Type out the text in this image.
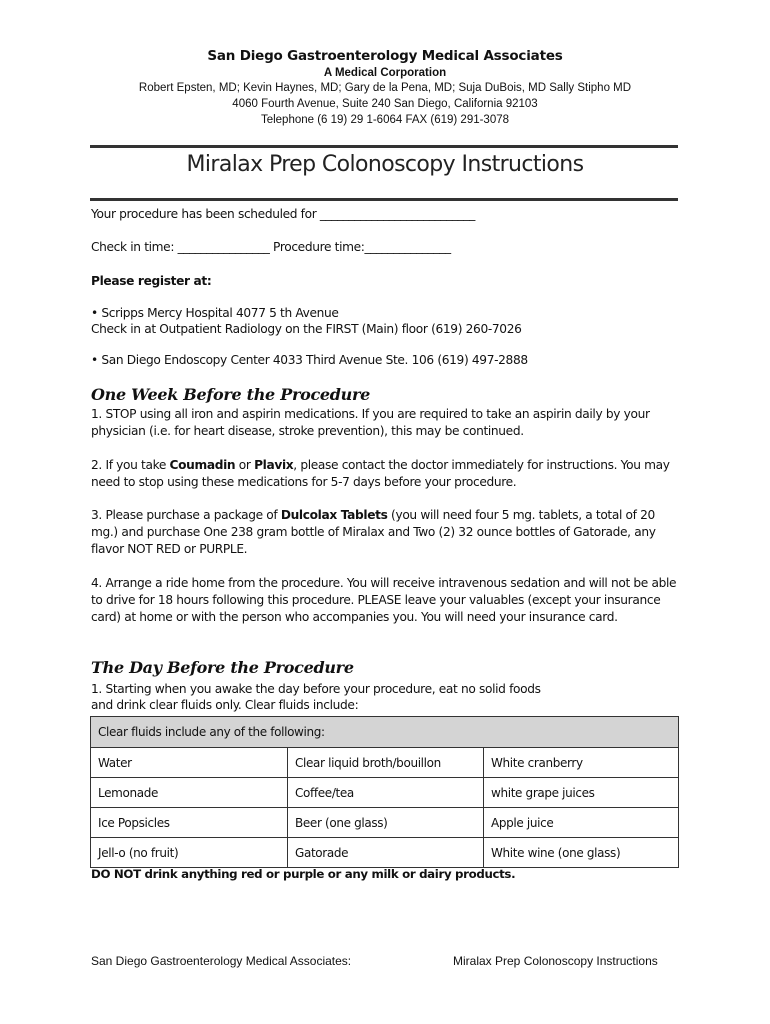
San Diego Gastroenterology Medical Associates
A Medical Corporation
Robert Epsten, MD; Kevin Haynes, MD; Gary de la Pena, MD; Suja DuBois, MD Sally Stipho MD
4060 Fourth Avenue, Suite 240 San Diego, California 92103
Telephone (6 19) 29 1-6064 FAX (619) 291-3078
Miralax Prep Colonoscopy Instructions
Your procedure has been scheduled for ___________________________
Check in time: ________________ Procedure time:_______________
Please register at:
• Scripps Mercy Hospital 4077 5 th Avenue
Check in at Outpatient Radiology on the FIRST (Main) floor (619) 260-7026
• San Diego Endoscopy Center 4033 Third Avenue Ste. 106 (619) 497-2888
One Week Before the Procedure
1. STOP using all iron and aspirin medications. If you are required to take an aspirin daily by your physician (i.e. for heart disease, stroke prevention), this may be continued.
2. If you take Coumadin or Plavix, please contact the doctor immediately for instructions. You may need to stop using these medications for 5-7 days before your procedure.
3. Please purchase a package of Dulcolax Tablets (you will need four 5 mg. tablets, a total of 20 mg.) and purchase One 238 gram bottle of Miralax and Two (2) 32 ounce bottles of Gatorade, any flavor NOT RED or PURPLE.
4. Arrange a ride home from the procedure. You will receive intravenous sedation and will not be able to drive for 18 hours following this procedure. PLEASE leave your valuables (except your insurance card) at home or with the person who accompanies you. You will need your insurance card.
The Day Before the Procedure
1. Starting when you awake the day before your procedure, eat no solid foods
and drink clear fluids only. Clear fluids include:
Clear fluids include any of the following:		
Water	Clear liquid broth/bouillon	White cranberry
Lemonade	Coffee/tea	white grape juices
Ice Popsicles	Beer (one glass)	Apple juice
Jell-o (no fruit)	Gatorade	White wine (one glass)
DO NOT drink anything red or purple or any milk or dairy products.
San Diego Gastroenterology Medical Associates:	Miralax Prep Colonoscopy Instructions
